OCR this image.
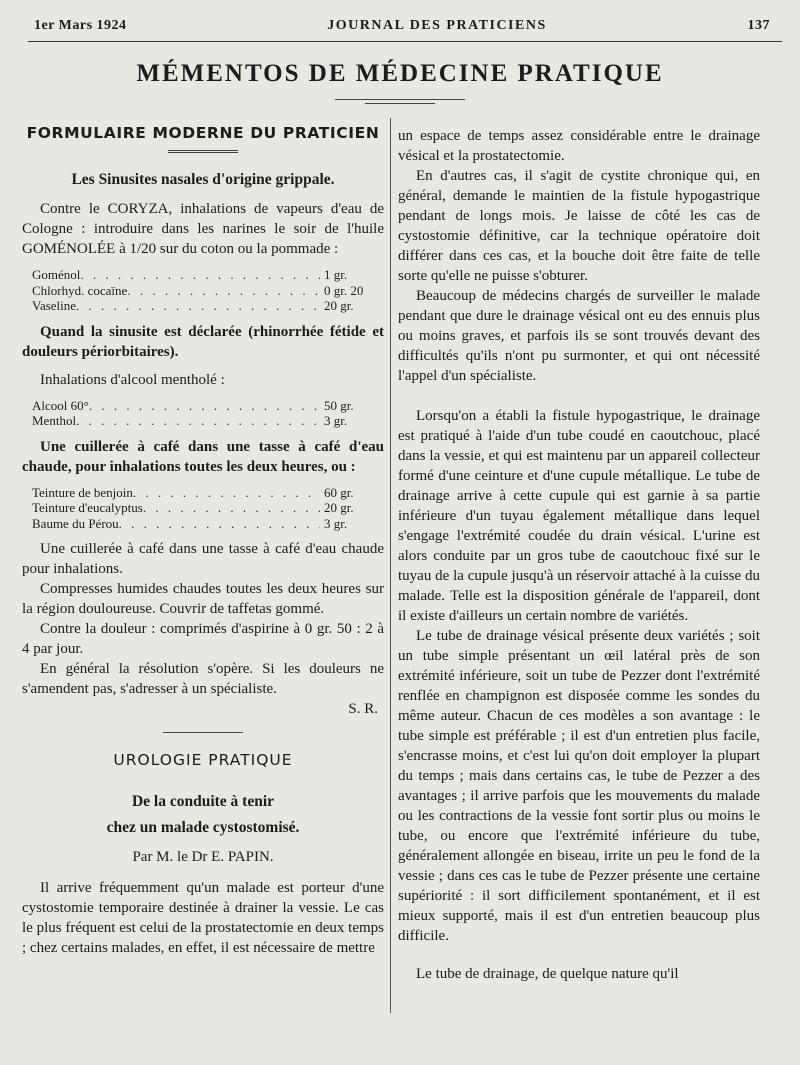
1er Mars 1924	JOURNAL DES PRATICIENS	137
MÉMENTOS DE MÉDECINE PRATIQUE
FORMULAIRE MODERNE DU PRATICIEN
Les Sinusites nasales d'origine grippale.

Contre le CORYZA, inhalations de vapeurs d'eau de Cologne : introduire dans les narines le soir de l'huile GOMÉNOLÉE à 1/20 sur du coton ou la pommade :

Goménol . . .	1 gr.
Chlorhyd. cocaïne . . .	0 gr. 20
Vaseline . . .	20 gr.

Quand la sinusite est déclarée (rhinorrhée fétide et douleurs périorbitaires).

Inhalations d'alcool mentholé :

Alcool 60° . . .	50 gr.
Menthol . . .	3 gr.

Une cuillerée à café dans une tasse à café d'eau chaude, pour inhalations toutes les deux heures, ou :

Teinture de benjoin . . .	60 gr.
Teinture d'eucalyptus . . .	20 gr.
Baume du Pérou . . .	3 gr.

Une cuillerée à café dans une tasse à café d'eau chaude pour inhalations.

Compresses humides chaudes toutes les deux heures sur la région douloureuse. Couvrir de taffetas gommé.

Contre la douleur : comprimés d'aspirine à 0 gr. 50 : 2 à 4 par jour.

En général la résolution s'opère. Si les douleurs ne s'amendent pas, s'adresser à un spécialiste.

S. R.
UROLOGIE PRATIQUE
De la conduite à tenir
chez un malade cystostomisé.
Par M. le Dr E. PAPIN.

Il arrive fréquemment qu'un malade est porteur d'une cystostomie temporaire destinée à drainer la vessie. Le cas le plus fréquent est celui de la prostatectomie en deux temps ; chez certains malades, en effet, il est nécessaire de mettre

un espace de temps assez considérable entre le drainage vésical et la prostatectomie.

En d'autres cas, il s'agit de cystite chronique qui, en général, demande le maintien de la fistule hypogastrique pendant de longs mois. Je laisse de côté les cas de cystostomie définitive, car la technique opératoire doit différer dans ces cas, et la bouche doit être faite de telle sorte qu'elle ne puisse s'obturer.

Beaucoup de médecins chargés de surveiller le malade pendant que dure le drainage vésical ont eu des ennuis plus ou moins graves, et parfois ils se sont trouvés devant des difficultés qu'ils n'ont pu surmonter, et qui ont nécessité l'appel d'un spécialiste.

Lorsqu'on a établi la fistule hypogastrique, le drainage est pratiqué à l'aide d'un tube coudé en caoutchouc, placé dans la vessie, et qui est maintenu par un appareil collecteur formé d'une ceinture et d'une cupule métallique. Le tube de drainage arrive à cette cupule qui est garnie à sa partie inférieure d'un tuyau également métallique dans lequel s'engage l'extrémité coudée du drain vésical. L'urine est alors conduite par un gros tube de caoutchouc fixé sur le tuyau de la cupule jusqu'à un réservoir attaché à la cuisse du malade. Telle est la disposition générale de l'appareil, dont il existe d'ailleurs un certain nombre de variétés.

Le tube de drainage vésical présente deux variétés ; soit un tube simple présentant un œil latéral près de son extrémité inférieure, soit un tube de Pezzer dont l'extrémité renflée en champignon est disposée comme les sondes du même auteur. Chacun de ces modèles a son avantage : le tube simple est préférable ; il est d'un entretien plus facile, s'encrasse moins, et c'est lui qu'on doit employer la plupart du temps ; mais dans certains cas, le tube de Pezzer a des avantages ; il arrive parfois que les mouvements du malade ou les contractions de la vessie font sortir plus ou moins le tube, ou encore que l'extrémité inférieure du tube, généralement allongée en biseau, irrite un peu le fond de la vessie ; dans ces cas le tube de Pezzer présente une certaine supériorité : il sort difficilement spontanément, et il est mieux supporté, mais il est d'un entretien beaucoup plus difficile.

Le tube de drainage, de quelque nature qu'il
